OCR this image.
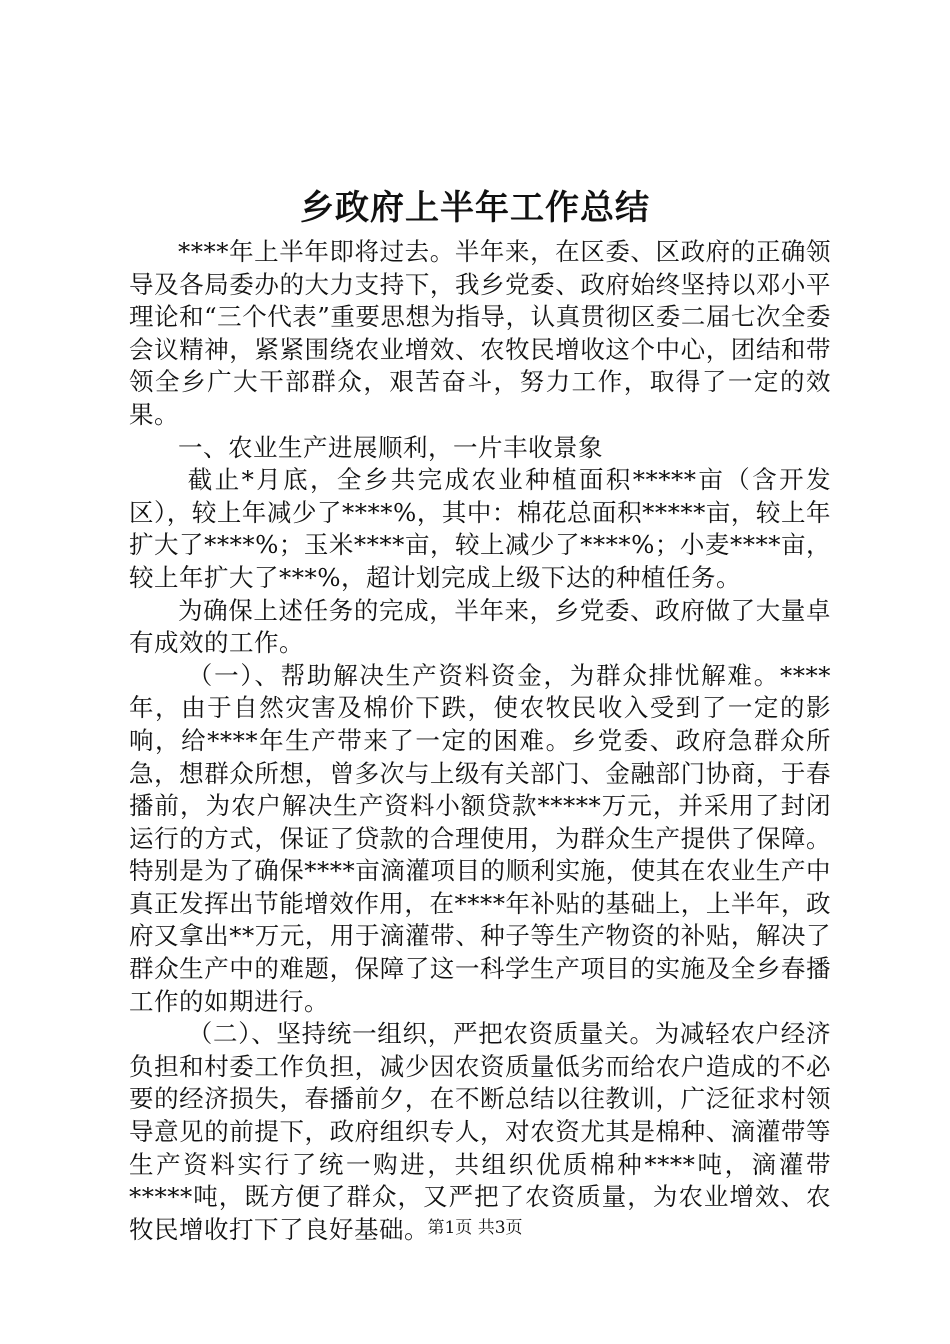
乡政府上半年工作总结

****年上半年即将过去。半年来，在区委、区政府的正确领导及各局委办的大力支持下，我乡党委、政府始终坚持以邓小平理论和“三个代表”重要思想为指导，认真贯彻区委二届七次全委会议精神，紧紧围绕农业增效、农牧民增收这个中心，团结和带领全乡广大干部群众，艰苦奋斗，努力工作，取得了一定的效果。

一、农业生产进展顺利，一片丰收景象

截止*月底，全乡共完成农业种植面积*****亩（含开发区），较上年减少了****%，其中：棉花总面积*****亩，较上年扩大了****%；玉米****亩，较上减少了****%；小麦****亩，较上年扩大了***%，超计划完成上级下达的种植任务。

为确保上述任务的完成，半年来，乡党委、政府做了大量卓有成效的工作。

（一）、帮助解决生产资料资金，为群众排忧解难。****年，由于自然灾害及棉价下跌，使农牧民收入受到了一定的影响，给****年生产带来了一定的困难。乡党委、政府急群众所急，想群众所想，曾多次与上级有关部门、金融部门协商，于春播前，为农户解决生产资料小额贷款*****万元，并采用了封闭运行的方式，保证了贷款的合理使用，为群众生产提供了保障。特别是为了确保****亩滴灌项目的顺利实施，使其在农业生产中真正发挥出节能增效作用，在****年补贴的基础上，上半年，政府又拿出**万元，用于滴灌带、种子等生产物资的补贴，解决了群众生产中的难题，保障了这一科学生产项目的实施及全乡春播工作的如期进行。

（二）、坚持统一组织，严把农资质量关。为减轻农户经济负担和村委工作负担，减少因农资质量低劣而给农户造成的不必要的经济损失，春播前夕，在不断总结以往教训，广泛征求村领导意见的前提下，政府组织专人，对农资尤其是棉种、滴灌带等生产资料实行了统一购进，共组织优质棉种****吨，滴灌带*****吨，既方便了群众，又严把了农资质量，为农业增效、农牧民增收打下了良好基础。

第1页 共3页
